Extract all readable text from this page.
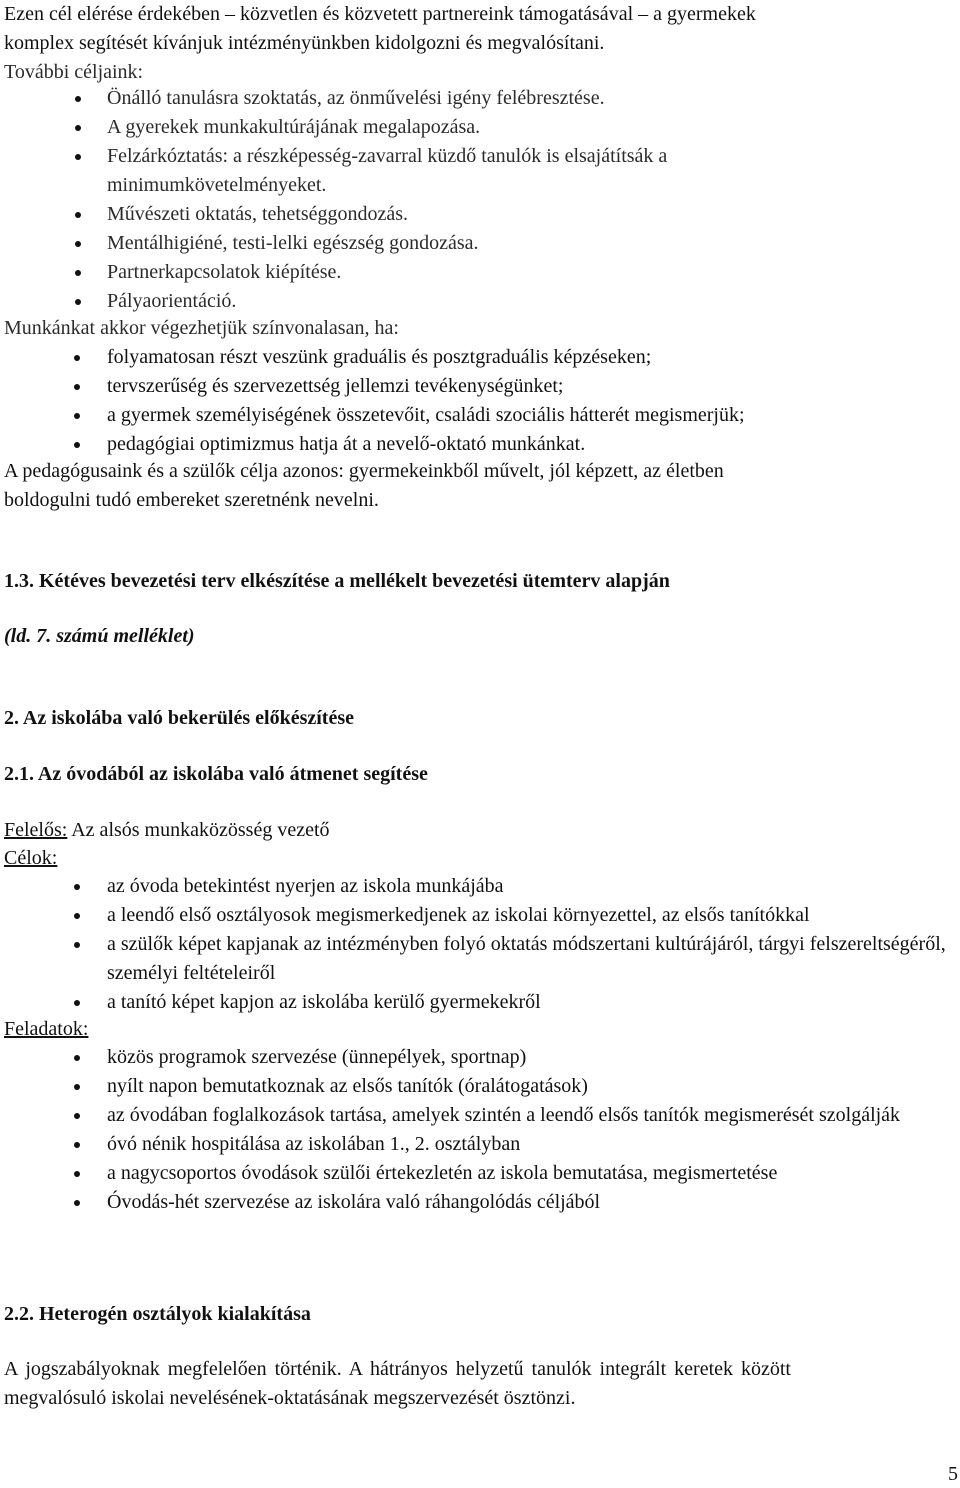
Ezen cél elérése érdekében – közvetlen és közvetett partnereink támogatásával – a gyermekek
komplex segítését kívánjuk intézményünkben kidolgozni és megvalósítani.
További céljaink:
Önálló tanulásra szoktatás, az önművelési igény felébresztése.
A gyerekek munkakultúrájának megalapozása.
Felzárkóztatás: a részképesség-zavarral küzdő tanulók is elsajátítsák a minimumkövetelményeket.
Művészeti oktatás, tehetséggondozás.
Mentálhigiéné, testi-lelki egészség gondozása.
Partnerkapcsolatok kiépítése.
Pályaorientáció.
Munkánkat akkor végezhetjük színvonalasan, ha:
folyamatosan részt veszünk graduális és posztgraduális képzéseken;
tervszerűség és szervezettség jellemzi tevékenységünket;
a gyermek személyiségének összetevőit, családi szociális hátterét megismerjük;
pedagógiai optimizmus hatja át a nevelő-oktató munkánkat.
A pedagógusaink és a szülők célja azonos: gyermekeinkből művelt, jól képzett, az életben
boldogulni tudó embereket szeretnénk nevelni.
1.3. Kétéves bevezetési terv elkészítése a mellékelt bevezetési ütemterv alapján
(ld. 7. számú melléklet)
2. Az iskolába való bekerülés előkészítése
2.1. Az óvodából az iskolába való átmenet segítése
Felelős: Az alsós munkaközösség vezető
Célok:
az óvoda betekintést nyerjen az iskola munkájába
a leendő első osztályosok megismerkedjenek az iskolai környezettel, az elsős tanítókkal
a szülők képet kapjanak az intézményben folyó oktatás módszertani kultúrájáról, tárgyi felszereltségéről, személyi feltételeiről
a tanító képet kapjon az iskolába kerülő gyermekekről
Feladatok:
közös programok szervezése (ünnepélyek, sportnap)
nyílt napon bemutatkoznak az elsős tanítók (óralátogatások)
az óvodában foglalkozások tartása, amelyek szintén a leendő elsős tanítók megismerését szolgálják
óvó nénik hospitálása az iskolában 1., 2. osztályban
a nagycsoportos óvodások szülői értekezletén az iskola bemutatása, megismertetése
Óvodás-hét szervezése az iskolára való ráhangolódás céljából
2.2. Heterogén osztályok kialakítása
A jogszabályoknak megfelelően történik. A hátrányos helyzetű tanulók integrált keretek között
megvalósuló iskolai nevelésének-oktatásának megszervezését ösztönzi.
5
